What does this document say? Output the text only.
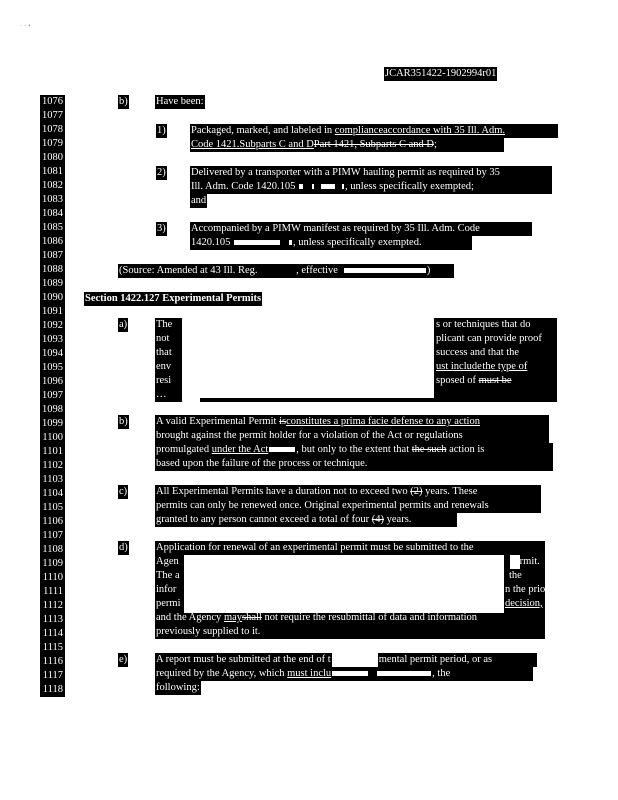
· · •
JCAR351422-1902994r01
1076
1077
1078
1079
1080
1081
1082
1083
1084
1085
1086
1087
1088
1089
1090
1091
1092
1093
1094
1095
1096
1097
1098
1099
1100
1101
1102
1103
1104
1105
1106
1107
1108
1109
1110
1111
1112
1113
1114
1115
1116
1117
1118
b)
1)
2)
3)
a)
b)
c)
d)
e)
Have been:
Packaged, marked, and labeled in complianceaccordance with 35 Ill. Adm.
Code 1421.Subparts C and DPart 1421, Subparts C and D;
Delivered by a transporter with a PIMW hauling permit as required by 35
Ill. Adm. Code 1420.105	, unless specifically exempted;
and
Accompanied by a PIMW manifest as required by 35 Ill. Adm. Code
1420.105	, unless specifically exempted.
(Source: Amended at 43 Ill. Reg.	, effective	)
Section 1422.127 Experimental Permits
The
not
that
env
resi
…
s or techniques that do
plicant can provide proof
success and that the
ust include the type of
sposed of must be
A valid Experimental Permit isconstitutes a prima facie defense to any action
brought against the permit holder for a violation of the Act or regulations
promulgated under the Act	, but only to the extent that the such action is
based upon the failure of the process or technique.
All Experimental Permits have a duration not to exceed two (2) years. These
permits can only be renewed once. Original experimental permits and renewals
granted to any person cannot exceed a total of four (4) years.
Application for renewal of an experimental permit must be submitted to the
Agen
The a
infor
permi
and the Agency mayshall not require the resubmittal of data and information
previously supplied to it.
ermit.
the
n the prior
decision,
A report must be submitted at the end of t	mental permit period, or as
required by the Agency, which must inclu	, the
following:
